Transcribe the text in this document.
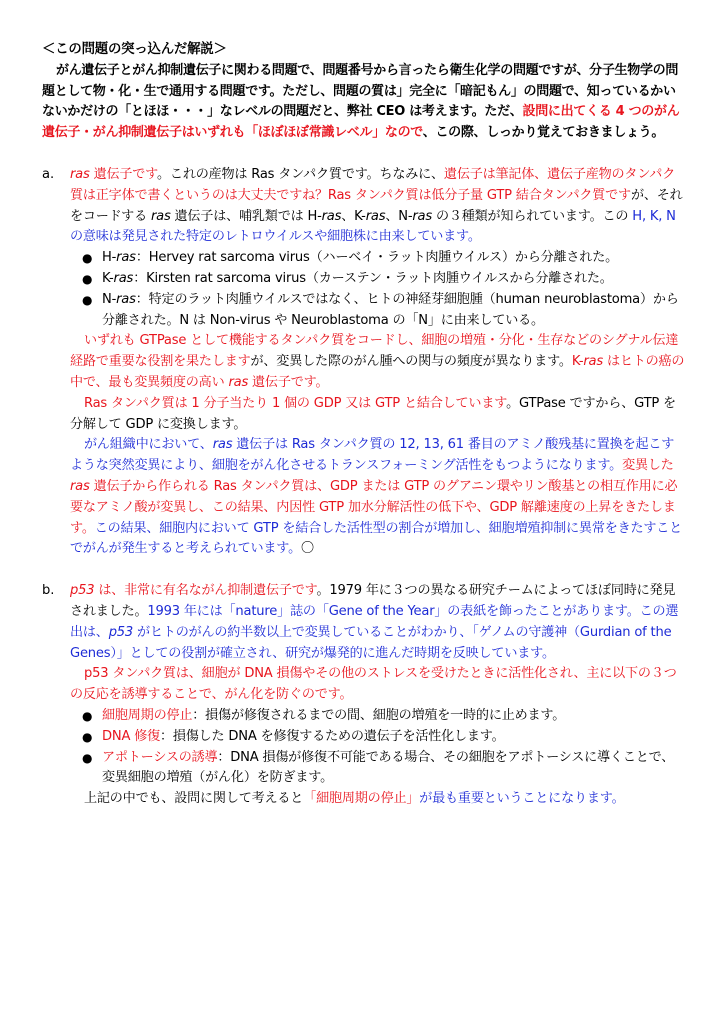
＜この問題の突っ込んだ解説＞

がん遺伝子とがん抑制遺伝子に関わる問題で、問題番号から言ったら衛生化学の問題ですが、分子生物学の問題として物・化・生で通用する問題です。ただし、問題の質は」完全に「暗記もん」の問題で、知っているかいないかだけの「とほほ・・・」なレベルの問題だと、弊社 CEO は考えます。ただ、設問に出てくる 4 つのがん遺伝子・がん抑制遺伝子はいずれも「ほぼほぼ常識レベル」なので、この際、しっかり覚えておきましょう。

a.	ras 遺伝子です。これの産物は Ras タンパク質です。ちなみに、遺伝子は筆記体、遺伝子産物のタンパク質は正字体で書くというのは大丈夫ですね？Ras タンパク質は低分子量 GTP 結合タンパク質ですが、それをコードする ras 遺伝子は、哺乳類では H-ras、K-ras、N-ras の３種類が知られています。この H, K, N の意味は発見された特定のレトロウイルスや細胞株に由来しています。

● H-ras：Hervey rat sarcoma virus（ハーベイ・ラット肉腫ウイルス）から分離された。
● K-ras：Kirsten rat sarcoma virus（カーステン・ラット肉腫ウイルスから分離された。
● N-ras：特定のラット肉腫ウイルスではなく、ヒトの神経芽細胞腫（human neuroblastoma）から分離された。N は Non-virus や Neuroblastoma の「N」に由来している。

いずれも GTPase として機能するタンパク質をコードし、細胞の増殖・分化・生存などのシグナル伝達経路で重要な役割を果たしますが、変異した際のがん腫への関与の頻度が異なります。K-ras はヒトの癌の中で、最も変異頻度の高い ras 遺伝子です。

Ras タンパク質は 1 分子当たり 1 個の GDP 又は GTP と結合しています。GTPase ですから、GTP を分解して GDP に変換します。

がん組織中において、ras 遺伝子は Ras タンパク質の 12, 13, 61 番目のアミノ酸残基に置換を起こすような突然変異により、細胞をがん化させるトランスフォーミング活性をもつようになります。変異した ras 遺伝子から作られる Ras タンパク質は、GDP または GTP のグアニン環やリン酸基との相互作用に必要なアミノ酸が変異し、この結果、内因性 GTP 加水分解活性の低下や、GDP 解離速度の上昇をきたします。この結果、細胞内において GTP を結合した活性型の割合が増加し、細胞増殖抑制に異常をきたすことでがんが発生すると考えられています。〇

b.	p53 は、非常に有名ながん抑制遺伝子です。1979 年に３つの異なる研究チームによってほぼ同時に発見されました。1993 年には「nature」誌の「Gene of the Year」の表紙を飾ったことがあります。この選出は、p53 がヒトのがんの約半数以上で変異していることがわかり、「ゲノムの守護神（Gurdian of the Genes）」としての役割が確立され、研究が爆発的に進んだ時期を反映しています。

p53 タンパク質は、細胞が DNA 損傷やその他のストレスを受けたときに活性化され、主に以下の３つの反応を誘導することで、がん化を防ぐのです。

● 細胞周期の停止：損傷が修復されるまでの間、細胞の増殖を一時的に止めます。
● DNA 修復：損傷した DNA を修復するための遺伝子を活性化します。
● アポトーシスの誘導：DNA 損傷が修復不可能である場合、その細胞をアポトーシスに導くことで、変異細胞の増殖（がん化）を防ぎます。

上記の中でも、設問に関して考えると「細胞周期の停止」が最も重要ということになります。
